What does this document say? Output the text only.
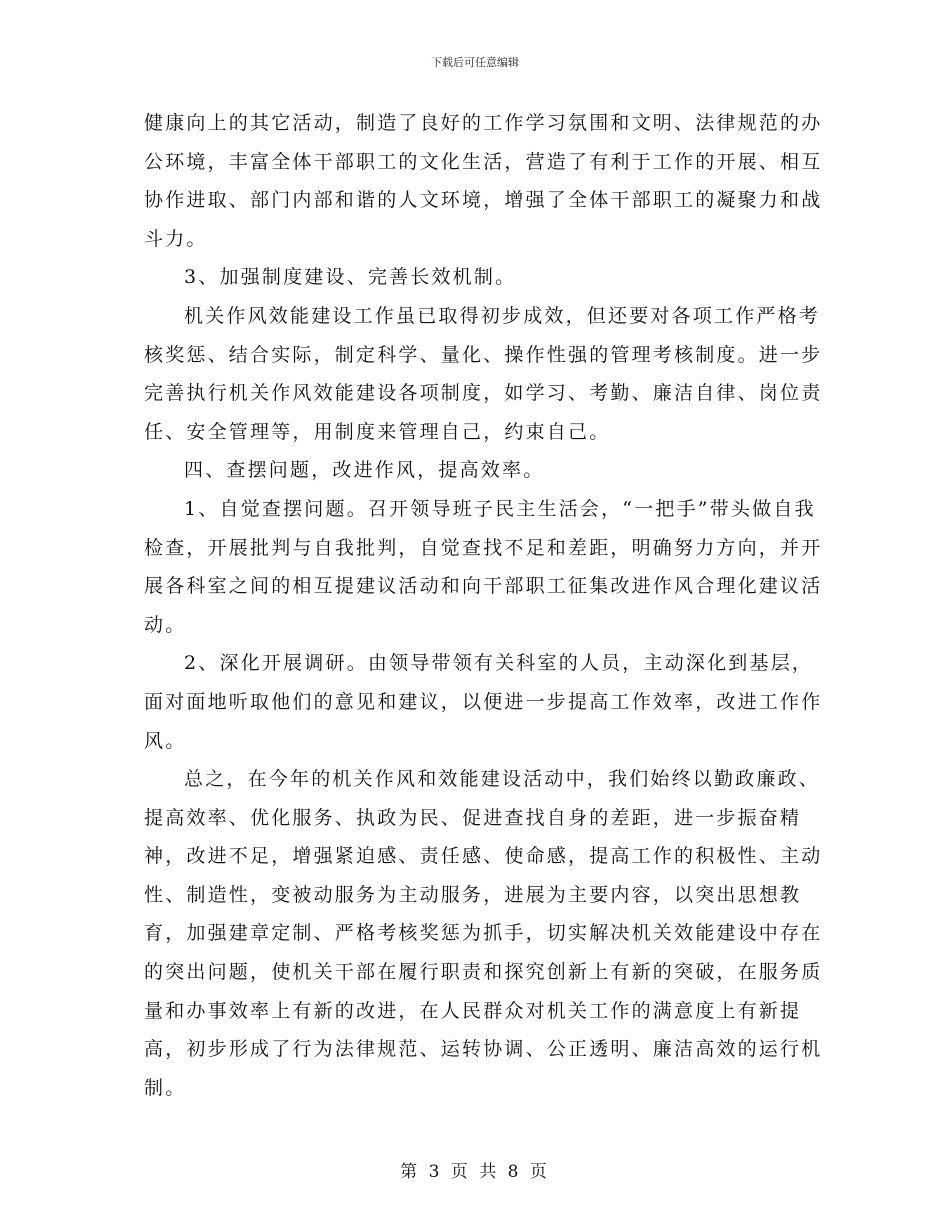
下载后可任意编辑

健康向上的其它活动，制造了良好的工作学习氛围和文明、法律规范的办公环境，丰富全体干部职工的文化生活，营造了有利于工作的开展、相互协作进取、部门内部和谐的人文环境，增强了全体干部职工的凝聚力和战斗力。

3、加强制度建设、完善长效机制。

机关作风效能建设工作虽已取得初步成效，但还要对各项工作严格考核奖惩、结合实际，制定科学、量化、操作性强的管理考核制度。进一步完善执行机关作风效能建设各项制度，如学习、考勤、廉洁自律、岗位责任、安全管理等，用制度来管理自己，约束自己。

四、查摆问题，改进作风，提高效率。

1、自觉查摆问题。召开领导班子民主生活会，“一把手”带头做自我检查，开展批判与自我批判，自觉查找不足和差距，明确努力方向，并开展各科室之间的相互提建议活动和向干部职工征集改进作风合理化建议活动。

2、深化开展调研。由领导带领有关科室的人员，主动深化到基层，面对面地听取他们的意见和建议，以便进一步提高工作效率，改进工作作风。

总之，在今年的机关作风和效能建设活动中，我们始终以勤政廉政、提高效率、优化服务、执政为民、促进查找自身的差距，进一步振奋精神，改进不足，增强紧迫感、责任感、使命感，提高工作的积极性、主动性、制造性，变被动服务为主动服务，进展为主要内容，以突出思想教育，加强建章定制、严格考核奖惩为抓手，切实解决机关效能建设中存在的突出问题，使机关干部在履行职责和探究创新上有新的突破，在服务质量和办事效率上有新的改进，在人民群众对机关工作的满意度上有新提高，初步形成了行为法律规范、运转协调、公正透明、廉洁高效的运行机制。

第 3 页 共 8 页
